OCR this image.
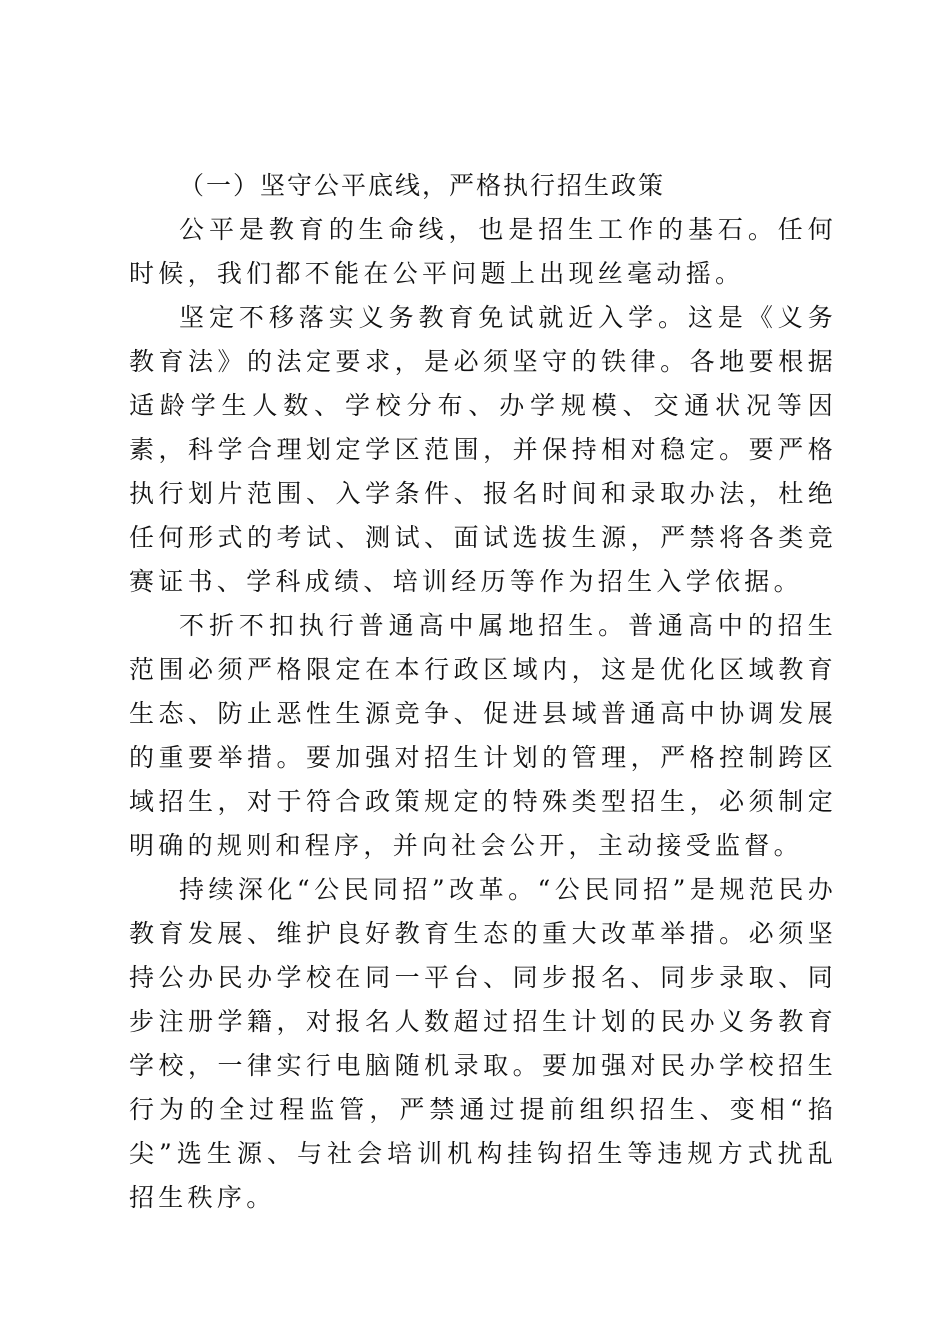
（一）坚守公平底线，严格执行招生政策

公平是教育的生命线，也是招生工作的基石。任何时候，我们都不能在公平问题上出现丝毫动摇。

坚定不移落实义务教育免试就近入学。这是《义务教育法》的法定要求，是必须坚守的铁律。各地要根据适龄学生人数、学校分布、办学规模、交通状况等因素，科学合理划定学区范围，并保持相对稳定。要严格执行划片范围、入学条件、报名时间和录取办法，杜绝任何形式的考试、测试、面试选拔生源，严禁将各类竞赛证书、学科成绩、培训经历等作为招生入学依据。

不折不扣执行普通高中属地招生。普通高中的招生范围必须严格限定在本行政区域内，这是优化区域教育生态、防止恶性生源竞争、促进县域普通高中协调发展的重要举措。要加强对招生计划的管理，严格控制跨区域招生，对于符合政策规定的特殊类型招生，必须制定明确的规则和程序，并向社会公开，主动接受监督。

持续深化“公民同招”改革。“公民同招”是规范民办教育发展、维护良好教育生态的重大改革举措。必须坚持公办民办学校在同一平台、同步报名、同步录取、同步注册学籍，对报名人数超过招生计划的民办义务教育学校，一律实行电脑随机录取。要加强对民办学校招生行为的全过程监管，严禁通过提前组织招生、变相“掐尖”选生源、与社会培训机构挂钩招生等违规方式扰乱招生秩序。
